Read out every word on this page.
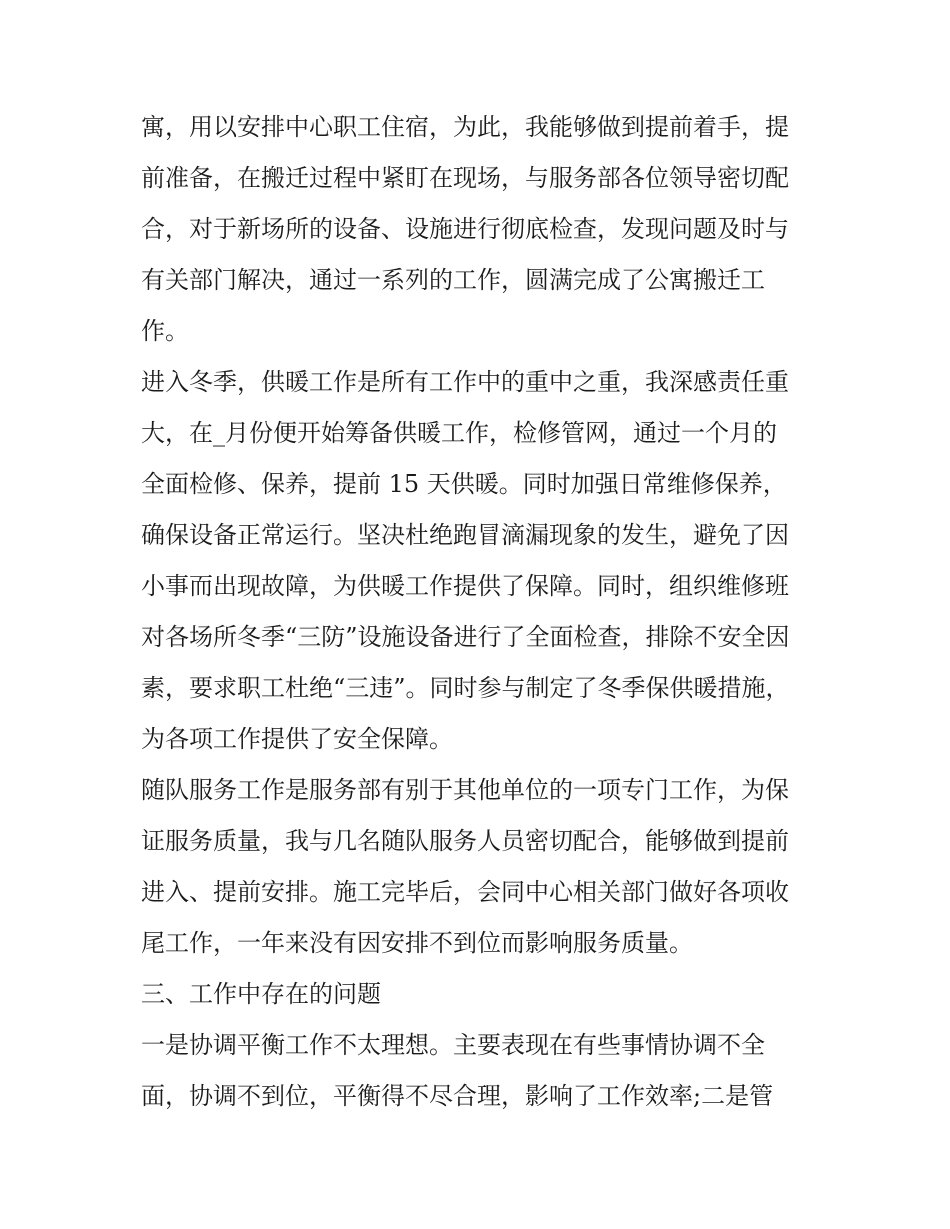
寓，用以安排中心职工住宿，为此，我能够做到提前着手，提
前准备，在搬迁过程中紧盯在现场，与服务部各位领导密切配
合，对于新场所的设备、设施进行彻底检查，发现问题及时与
有关部门解决，通过一系列的工作，圆满完成了公寓搬迁工
作。
进入冬季，供暖工作是所有工作中的重中之重，我深感责任重
大，在_月份便开始筹备供暖工作，检修管网，通过一个月的
全面检修、保养，提前 15 天供暖。同时加强日常维修保养，
确保设备正常运行。坚决杜绝跑冒滴漏现象的发生，避免了因
小事而出现故障，为供暖工作提供了保障。同时，组织维修班
对各场所冬季“三防”设施设备进行了全面检查，排除不安全因
素，要求职工杜绝“三违”。同时参与制定了冬季保供暖措施，
为各项工作提供了安全保障。
随队服务工作是服务部有别于其他单位的一项专门工作，为保
证服务质量，我与几名随队服务人员密切配合，能够做到提前
进入、提前安排。施工完毕后，会同中心相关部门做好各项收
尾工作，一年来没有因安排不到位而影响服务质量。
三、工作中存在的问题
一是协调平衡工作不太理想。主要表现在有些事情协调不全
面，协调不到位，平衡得不尽合理，影响了工作效率;二是管
